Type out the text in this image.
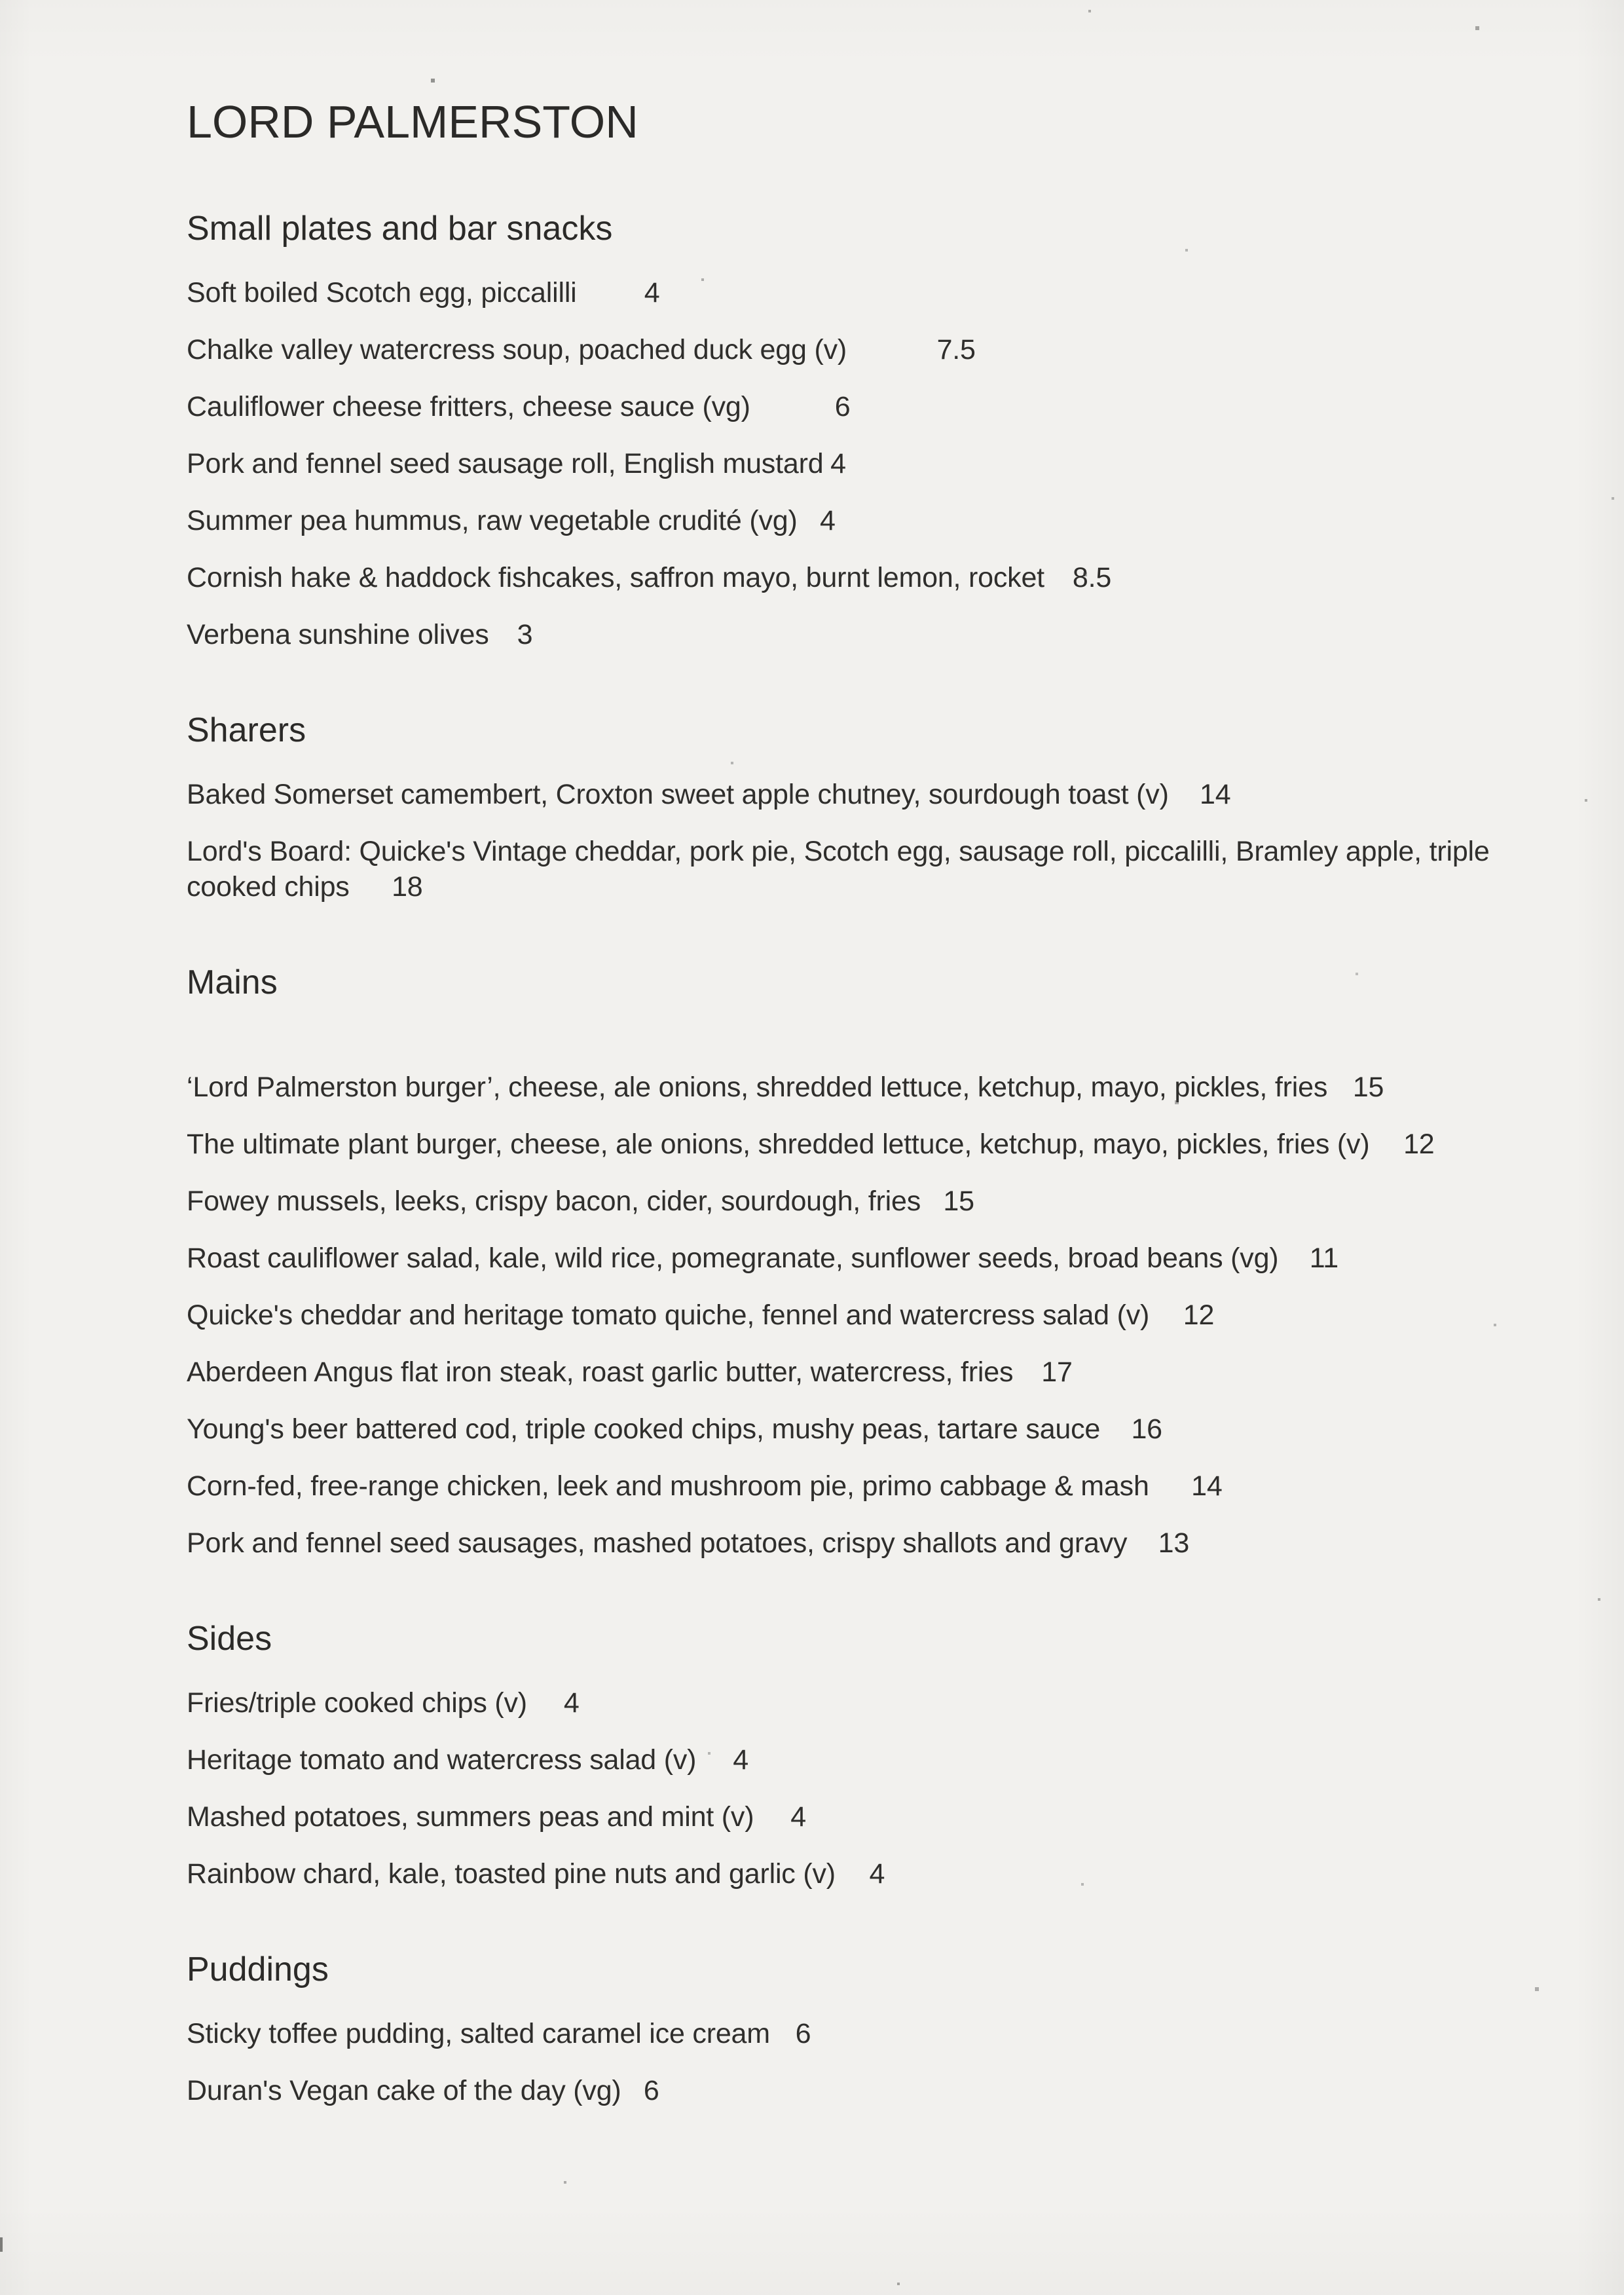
LORD PALMERSTON
Small plates and bar snacks
Soft boiled Scotch egg, piccalilli 4
Chalke valley watercress soup, poached duck egg (v)	7.5
Cauliflower cheese fritters, cheese sauce (vg)	6
Pork and fennel seed sausage roll, English mustard 4
Summer pea hummus, raw vegetable crudité (vg) 4
Cornish hake & haddock fishcakes, saffron mayo, burnt lemon, rocket 8.5
Verbena sunshine olives 3
Sharers
Baked Somerset camembert, Croxton sweet apple chutney, sourdough toast (v) 14
Lord's Board: Quicke's Vintage cheddar, pork pie, Scotch egg, sausage roll, piccalilli, Bramley apple, triple cooked chips 18
Mains
‘Lord Palmerston burger’, cheese, ale onions, shredded lettuce, ketchup, mayo, pickles, fries 15
The ultimate plant burger, cheese, ale onions, shredded lettuce, ketchup, mayo, pickles, fries (v) 12
Fowey mussels, leeks, crispy bacon, cider, sourdough, fries 15
Roast cauliflower salad, kale, wild rice, pomegranate, sunflower seeds, broad beans (vg) 11
Quicke's cheddar and heritage tomato quiche, fennel and watercress salad (v) 12
Aberdeen Angus flat iron steak, roast garlic butter, watercress, fries 17
Young's beer battered cod, triple cooked chips, mushy peas, tartare sauce 16
Corn-fed, free-range chicken, leek and mushroom pie, primo cabbage & mash 14
Pork and fennel seed sausages, mashed potatoes, crispy shallots and gravy 13
Sides
Fries/triple cooked chips (v) 4
Heritage tomato and watercress salad (v) 4
Mashed potatoes, summers peas and mint (v) 4
Rainbow chard, kale, toasted pine nuts and garlic (v) 4
Puddings
Sticky toffee pudding, salted caramel ice cream 6
Duran's Vegan cake of the day (vg) 6
